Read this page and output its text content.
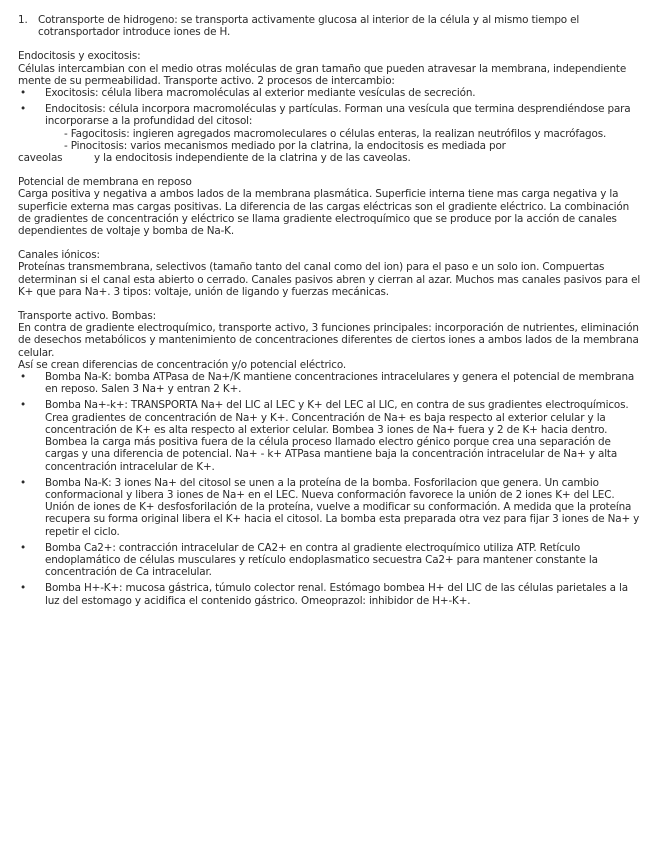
1. Cotransporte de hidrogeno: se transporta activamente glucosa al interior de la célula y al mismo tiempo el cotransportador introduce iones de H.

Endocitosis y exocitosis:

Células intercambian con el medio otras moléculas de gran tamaño que pueden atravesar la membrana, independiente mente de su permeabilidad. Transporte activo. 2 procesos de intercambio:

•	Exocitosis: célula libera macromoléculas al exterior mediante vesículas de secreción.
•	Endocitosis: célula incorpora macromoléculas y partículas. Forman una vesícula que termina desprendiéndose para incorporarse a la profundidad del citosol:

- Fagocitosis: ingieren agregados macromoleculares o células enteras, la realizan neutrófilos y macrófagos.

- Pinocitosis: varios mecanismos mediado por la clatrina, la endocitosis es mediada por

caveolas          y la endocitosis independiente de la clatrina y de las caveolas.

Potencial de membrana en reposo

Carga positiva y negativa a ambos lados de la membrana plasmática. Superficie interna tiene mas carga negativa y la superficie externa mas cargas positivas. La diferencia de las cargas eléctricas son el gradiente eléctrico. La combinación de gradientes de concentración y eléctrico se llama gradiente electroquímico que se produce por la acción de canales dependientes de voltaje y bomba de Na-K.

Canales iónicos:

Proteínas transmembrana, selectivos (tamaño tanto del canal como del ion) para el paso e un solo ion. Compuertas determinan si el canal esta abierto o cerrado. Canales pasivos abren y cierran al azar. Muchos mas canales pasivos para el K+ que para Na+. 3 tipos: voltaje, unión de ligando y fuerzas mecánicas.

Transporte activo. Bombas:

En contra de gradiente electroquímico, transporte activo, 3 funciones principales: incorporación de nutrientes, eliminación de desechos metabólicos y mantenimiento de concentraciones diferentes de ciertos iones a ambos lados de la membrana celular.

Así se crean diferencias de concentración y/o potencial eléctrico.

•	Bomba Na-K: bomba ATPasa de Na+/K mantiene concentraciones intracelulares y genera el potencial de membrana en reposo. Salen 3 Na+ y entran 2 K+.
•	Bomba Na+-k+: TRANSPORTA Na+ del LIC al LEC y K+ del LEC al LIC, en contra de sus gradientes electroquímicos. Crea gradientes de concentración de Na+ y K+. Concentración de Na+ es baja respecto al exterior celular y la concentración de K+ es alta respecto al exterior celular. Bombea 3 iones de Na+ fuera y 2 de K+ hacia dentro. Bombea la carga más positiva fuera de la célula proceso llamado electro génico porque crea una separación de cargas y una diferencia de potencial. Na+ - k+ ATPasa mantiene baja la concentración intracelular de Na+ y alta concentración intracelular de K+.
•	Bomba Na-K: 3 iones Na+ del citosol se unen a la proteína de la bomba. Fosforilacion que genera. Un cambio conformacional y libera 3 iones de Na+ en el LEC. Nueva conformación favorece la unión de 2 iones K+ del LEC. Unión de iones de K+ desfosforilación de la proteína, vuelve a modificar su conformación. A medida que la proteína recupera su forma original libera el K+ hacia el citosol. La bomba esta preparada otra vez para fijar 3 iones de Na+ y repetir el ciclo.
•	Bomba Ca2+: contracción intracelular de CA2+ en contra al gradiente electroquímico utiliza ATP. Retículo endoplamático de células musculares y retículo endoplasmatico secuestra Ca2+ para mantener constante la concentración de Ca intracelular.
•	Bomba H+-K+: mucosa gástrica, túmulo colector renal. Estómago bombea H+ del LIC de las células parietales a la luz del estomago y acidifica el contenido gástrico. Omeoprazol: inhibidor de H+-K+.
